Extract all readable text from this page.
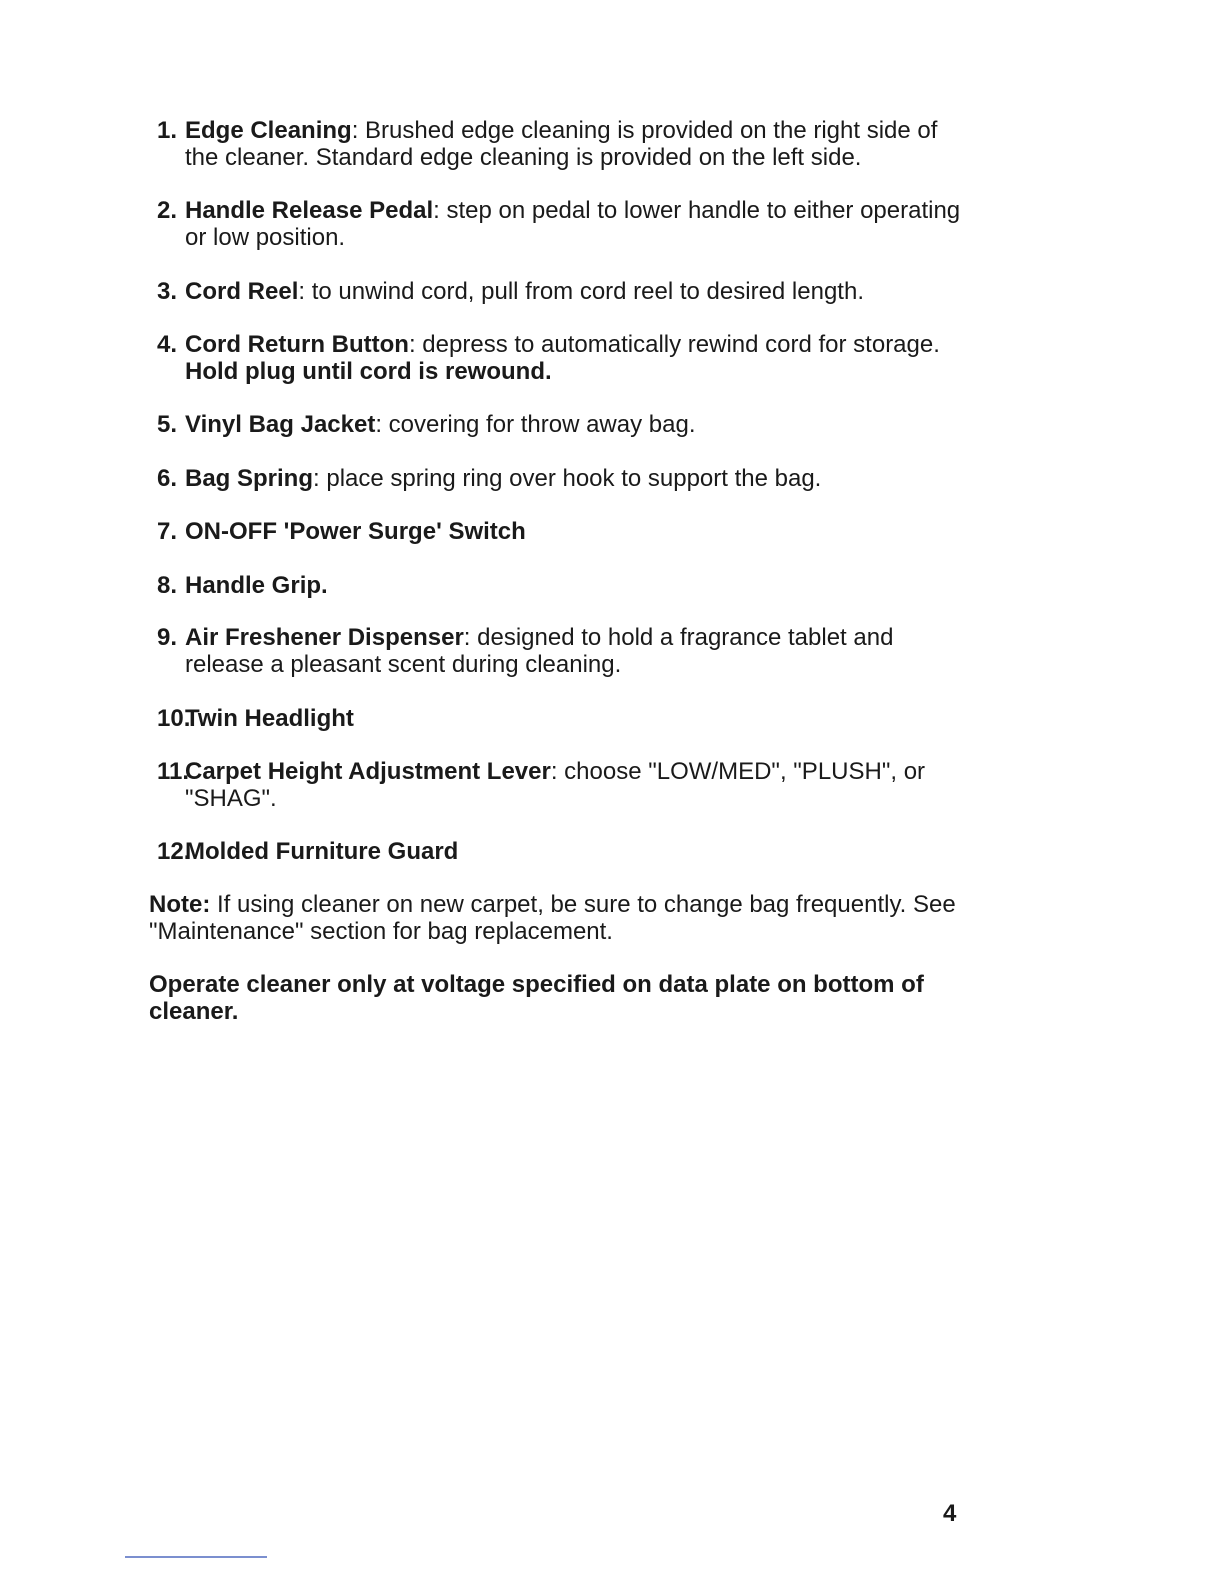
1. Edge Cleaning: Brushed edge cleaning is provided on the right side of the cleaner. Standard edge cleaning is provided on the left side.
2. Handle Release Pedal: step on pedal to lower handle to either operating or low position.
3. Cord Reel: to unwind cord, pull from cord reel to desired length.
4. Cord Return Button: depress to automatically rewind cord for storage. Hold plug until cord is rewound.
5. Vinyl Bag Jacket: covering for throw away bag.
6. Bag Spring: place spring ring over hook to support the bag.
7. ON-OFF 'Power Surge' Switch
8. Handle Grip.
9. Air Freshener Dispenser: designed to hold a fragrance tablet and release a pleasant scent during cleaning.
10.
Twin Headlight
11.
Carpet Height Adjustment Lever: choose "LOW/MED", "PLUSH", or "SHAG".
12.
Molded Furniture Guard
Note: If using cleaner on new carpet, be sure to change bag frequently. See "Maintenance" section for bag replacement.
Operate cleaner only at voltage specified on data plate on bottom of cleaner.
4
